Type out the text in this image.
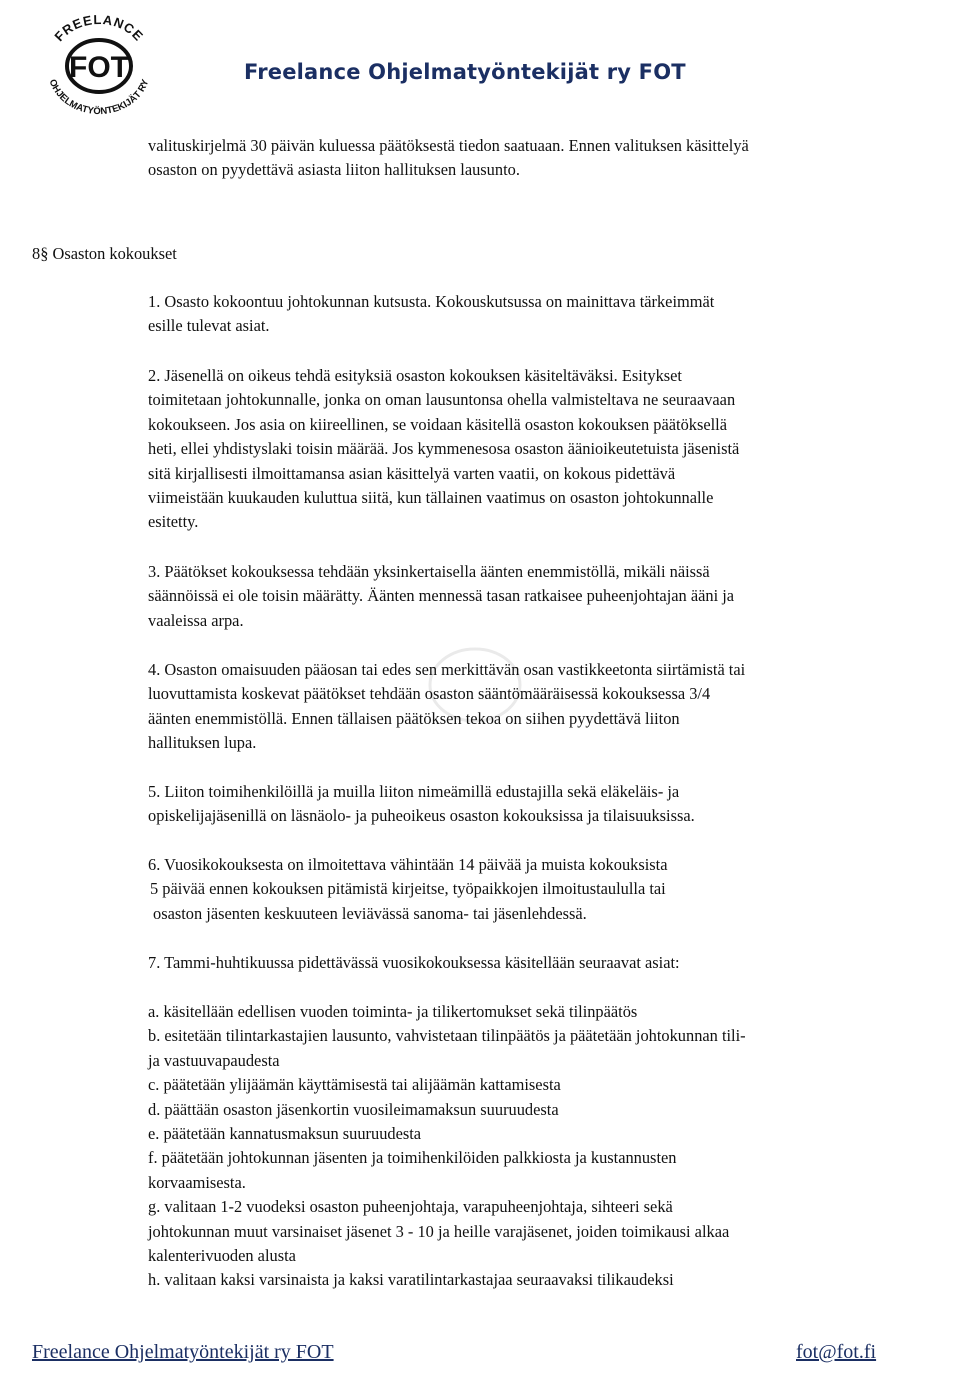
FOT
FREELANCE
OHJELMATYÖNTEKIJÄT RY	Freelance Ohjelmatyöntekijät ry FOT

valituskirjelmä 30 päivän kuluessa päätöksestä tiedon saatuaan. Ennen valituksen käsittelyä

osaston on pyydettävä asiasta liiton hallituksen lausunto.

8§ Osaston kokoukset

1. Osasto kokoontuu johtokunnan kutsusta. Kokouskutsussa on mainittava tärkeimmät

esille tulevat asiat.

2. Jäsenellä on oikeus tehdä esityksiä osaston kokouksen käsiteltäväksi. Esitykset

toimitetaan johtokunnalle, jonka on oman lausuntonsa ohella valmisteltava ne seuraavaan

kokoukseen. Jos asia on kiireellinen, se voidaan käsitellä osaston kokouksen päätöksellä

heti, ellei yhdistyslaki toisin määrää. Jos kymmenesosa osaston äänioikeutetuista jäsenistä

sitä kirjallisesti ilmoittamansa asian käsittelyä varten vaatii, on kokous pidettävä

viimeistään kuukauden kuluttua siitä, kun tällainen vaatimus on osaston johtokunnalle

esitetty.

3. Päätökset kokouksessa tehdään yksinkertaisella äänten enemmistöllä, mikäli näissä

säännöissä ei ole toisin määrätty. Äänten mennessä tasan ratkaisee puheenjohtajan ääni ja

vaaleissa arpa.

4. Osaston omaisuuden pääosan tai edes sen merkittävän osan vastikkeetonta siirtämistä tai

luovuttamista koskevat päätökset tehdään osaston sääntömääräisessä kokouksessa 3/4

äänten enemmistöllä. Ennen tällaisen päätöksen tekoa on siihen pyydettävä liiton

hallituksen lupa.

5. Liiton toimihenkilöillä ja muilla liiton nimeämillä edustajilla sekä eläkeläis- ja

opiskelijajäsenillä on läsnäolo- ja puheoikeus osaston kokouksissa ja tilaisuuksissa.

6. Vuosikokouksesta on ilmoitettava vähintään 14 päivää ja muista kokouksista

5 päivää ennen kokouksen pitämistä kirjeitse, työpaikkojen ilmoitustaululla tai

osaston jäsenten keskuuteen leviävässä sanoma- tai jäsenlehdessä.

7. Tammi-huhtikuussa pidettävässä vuosikokouksessa käsitellään seuraavat asiat:

a. käsitellään edellisen vuoden toiminta- ja tilikertomukset sekä tilinpäätös

b. esitetään tilintarkastajien lausunto, vahvistetaan tilinpäätös ja päätetään johtokunnan tili-

ja vastuuvapaudesta

c. päätetään ylijäämän käyttämisestä tai alijäämän kattamisesta

d. päättään osaston jäsenkortin vuosileimamaksun suuruudesta

e. päätetään kannatusmaksun suuruudesta

f. päätetään johtokunnan jäsenten ja toimihenkilöiden palkkiosta ja kustannusten

korvaamisesta.

g. valitaan 1-2 vuodeksi osaston puheenjohtaja, varapuheenjohtaja, sihteeri sekä

johtokunnan muut varsinaiset jäsenet 3 - 10 ja heille varajäsenet, joiden toimikausi alkaa

kalenterivuoden alusta

h. valitaan kaksi varsinaista ja kaksi varatilintarkastajaa seuraavaksi tilikaudeksi

Freelance Ohjelmatyöntekijät ry FOT	fot@fot.fi
